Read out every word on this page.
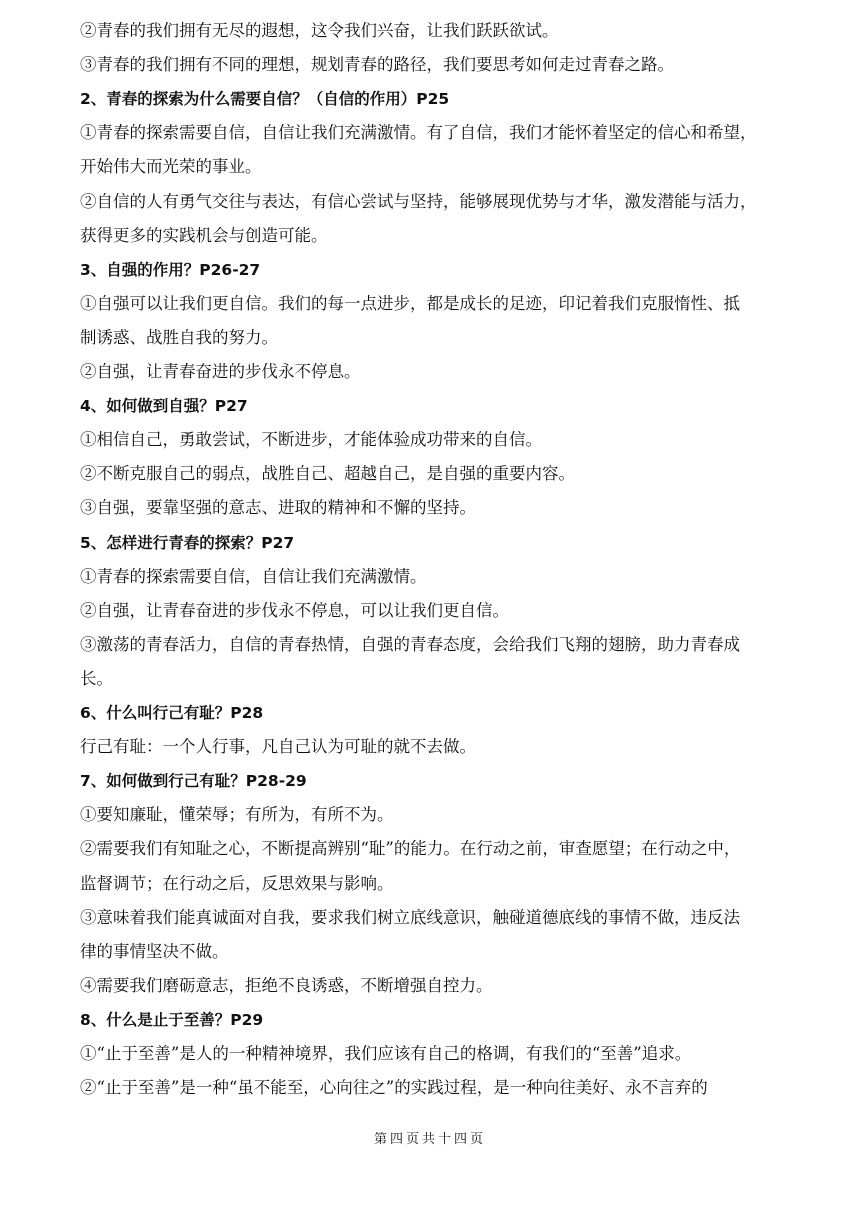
②青春的我们拥有无尽的遐想，这令我们兴奋，让我们跃跃欲试。
③青春的我们拥有不同的理想，规划青春的路径，我们要思考如何走过青春之路。
2、青春的探索为什么需要自信？（自信的作用）P25
①青春的探索需要自信，自信让我们充满激情。有了自信，我们才能怀着坚定的信心和希望，
开始伟大而光荣的事业。
②自信的人有勇气交往与表达，有信心尝试与坚持，能够展现优势与才华，激发潜能与活力，
获得更多的实践机会与创造可能。
3、自强的作用？P26-27
①自强可以让我们更自信。我们的每一点进步，都是成长的足迹，印记着我们克服惰性、抵
制诱惑、战胜自我的努力。
②自强，让青春奋进的步伐永不停息。
4、如何做到自强？P27
①相信自己，勇敢尝试，不断进步，才能体验成功带来的自信。
②不断克服自己的弱点，战胜自己、超越自己，是自强的重要内容。
③自强，要靠坚强的意志、进取的精神和不懈的坚持。
5、怎样进行青春的探索？P27
①青春的探索需要自信，自信让我们充满激情。
②自强，让青春奋进的步伐永不停息，可以让我们更自信。
③激荡的青春活力，自信的青春热情，自强的青春态度，会给我们飞翔的翅膀，助力青春成
长。
6、什么叫行己有耻？P28
行己有耻：一个人行事，凡自己认为可耻的就不去做。
7、如何做到行己有耻？P28-29
①要知廉耻，懂荣辱；有所为，有所不为。
②需要我们有知耻之心，不断提高辨别“耻”的能力。在行动之前，审查愿望；在行动之中，
监督调节；在行动之后，反思效果与影响。
③意味着我们能真诚面对自我，要求我们树立底线意识，触碰道德底线的事情不做，违反法
律的事情坚决不做。
④需要我们磨砺意志，拒绝不良诱惑，不断增强自控力。
8、什么是止于至善？P29
①“止于至善”是人的一种精神境界，我们应该有自己的格调，有我们的“至善”追求。
②“止于至善”是一种“虽不能至，心向往之”的实践过程，是一种向往美好、永不言弃的
第四页共十四页
